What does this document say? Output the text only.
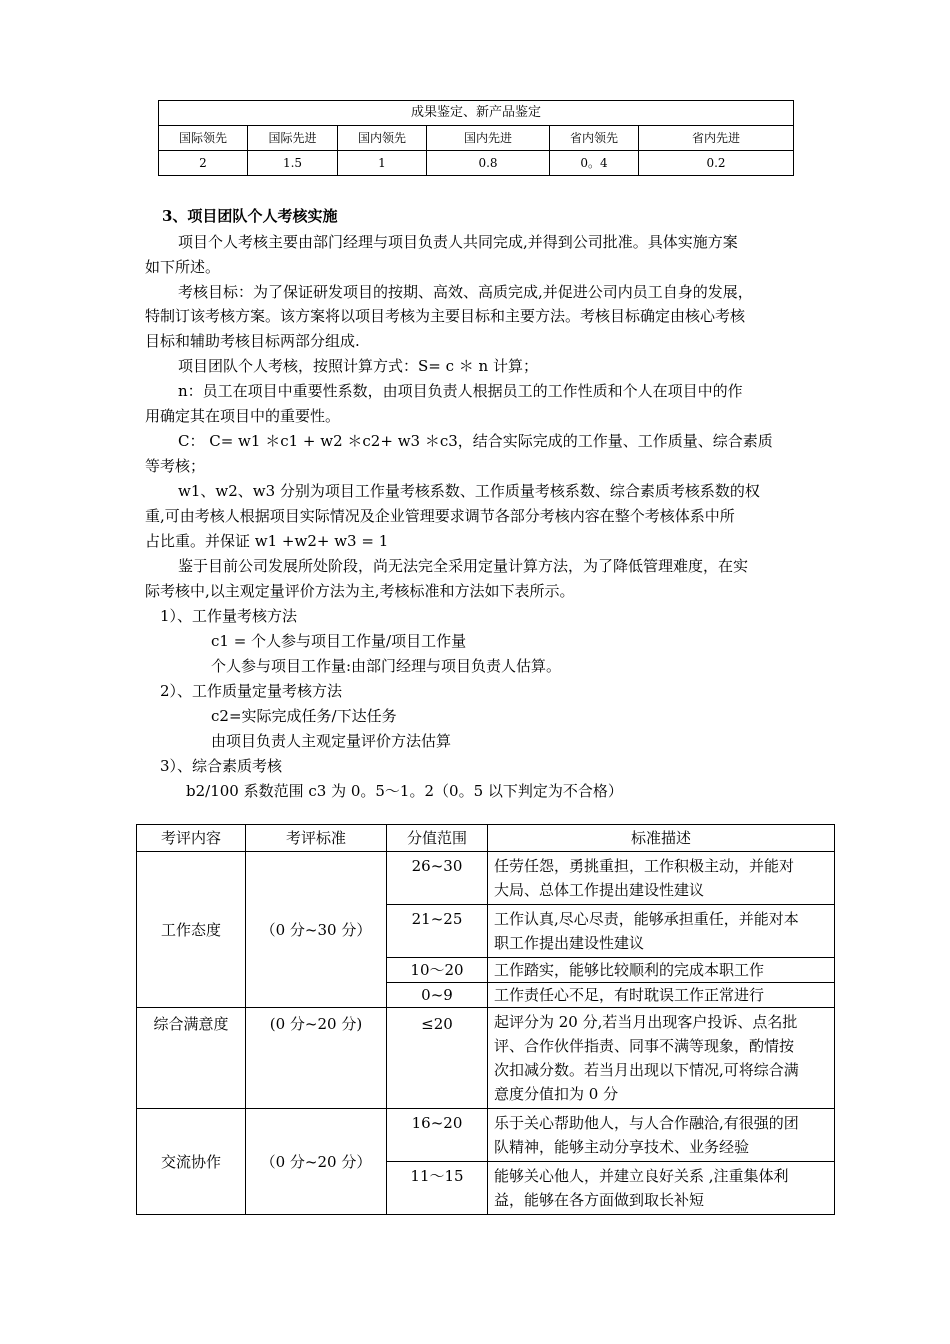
成果鉴定、新产品鉴定					
国际领先	国际先进	国内领先	国内先进	省内领先	省内先进
2	1.5	1	0.8	0。4	0.2
3、项目团队个人考核实施
项目个人考核主要由部门经理与项目负责人共同完成,并得到公司批准。具体实施方案
如下所述。
考核目标：为了保证研发项目的按期、高效、高质完成,并促进公司内员工自身的发展，
特制订该考核方案。该方案将以项目考核为主要目标和主要方法。考核目标确定由核心考核
目标和辅助考核目标两部分组成.
项目团队个人考核，按照计算方式：S= c ＊ n 计算；
n：员工在项目中重要性系数，由项目负责人根据员工的工作性质和个人在项目中的作
用确定其在项目中的重要性。
C： C= w1 ＊c1 + w2 ＊c2+ w3 ＊c3，结合实际完成的工作量、工作质量、综合素质
等考核；
w1、w2、w3 分别为项目工作量考核系数、工作质量考核系数、综合素质考核系数的权
重,可由考核人根据项目实际情况及企业管理要求调节各部分考核内容在整个考核体系中所
占比重。并保证 w1 +w2+ w3 = 1
鉴于目前公司发展所处阶段，尚无法完全采用定量计算方法，为了降低管理难度，在实
际考核中,以主观定量评价方法为主,考核标准和方法如下表所示。
1）、工作量考核方法
c1 = 个人参与项目工作量/项目工作量
个人参与项目工作量:由部门经理与项目负责人估算。
2）、工作质量定量考核方法
c2=实际完成任务/下达任务
由项目负责人主观定量评价方法估算
3）、综合素质考核
b2/100 系数范围 c3 为 0。5～1。2（0。5 以下判定为不合格）
考评内容	考评标准	分值范围	标准描述
工作态度	（0 分~30 分）	26~30	任劳任怨，勇挑重担，工作积极主动，并能对
大局、总体工作提出建设性建议

		21~25	工作认真,尽心尽责，能够承担重任，并能对本
职工作提出建设性建议

		10～20	工作踏实，能够比较顺利的完成本职工作

		0~9	工作责任心不足，有时耽误工作正常进行

综合满意度	(0 分~20 分)	≤20	起评分为 20 分,若当月出现客户投诉、点名批
评、合作伙伴指责、同事不满等现象，酌情按
次扣减分数。若当月出现以下情况,可将综合满
意度分值扣为 0 分

交流协作	（0 分~20 分）	16~20	乐于关心帮助他人，与人合作融洽,有很强的团
队精神，能够主动分享技术、业务经验

		11～15	能够关心他人，并建立良好关系 ,注重集体利
益，能够在各方面做到取长补短
